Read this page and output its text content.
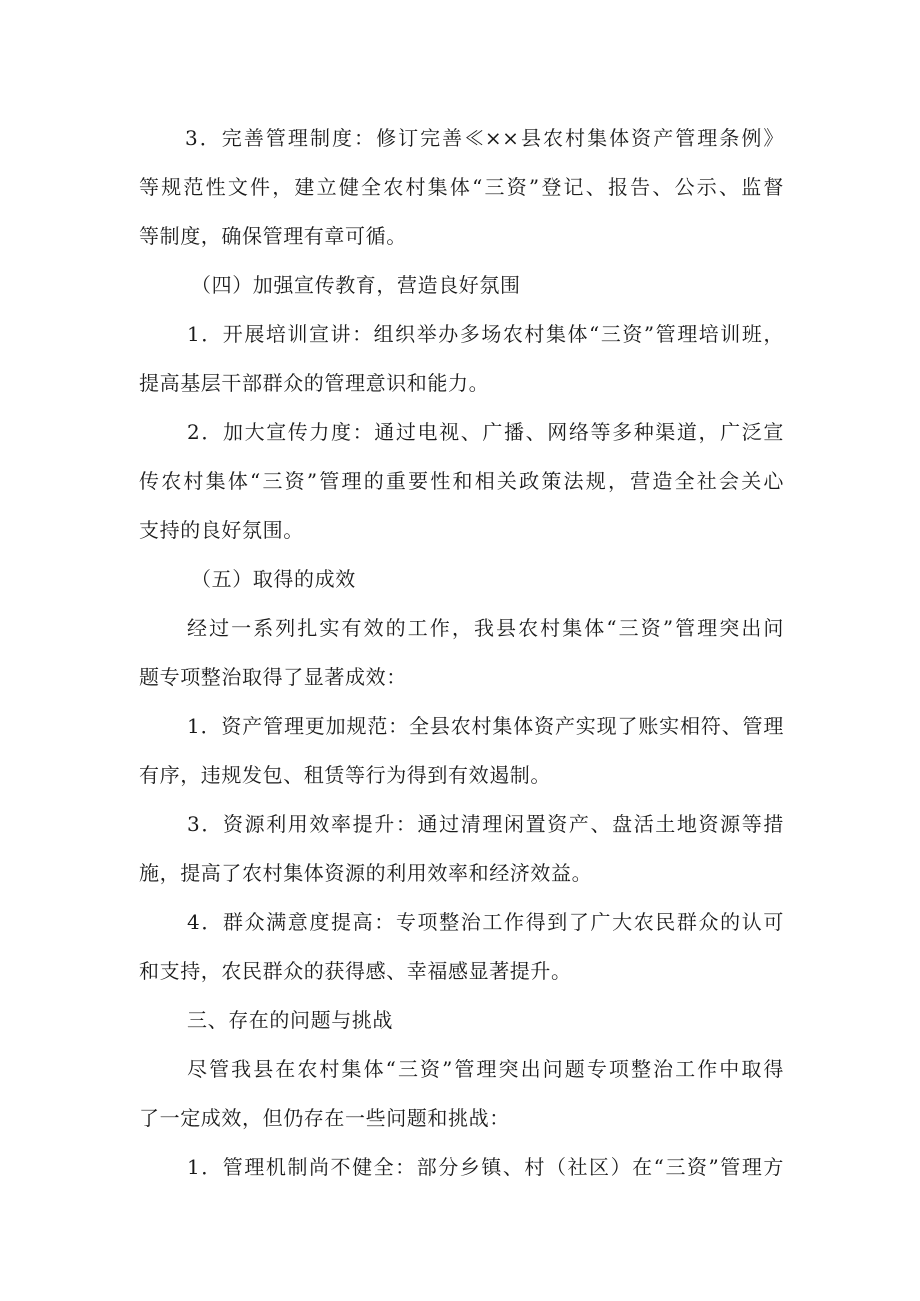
3．完善管理制度：修订完善≪××县农村集体资产管理条例》
等规范性文件，建立健全农村集体“三资”登记、报告、公示、监督
等制度，确保管理有章可循。
（四）加强宣传教育，营造良好氛围
1．开展培训宣讲：组织举办多场农村集体“三资”管理培训班，
提高基层干部群众的管理意识和能力。
2．加大宣传力度：通过电视、广播、网络等多种渠道，广泛宣
传农村集体“三资”管理的重要性和相关政策法规，营造全社会关心
支持的良好氛围。
（五）取得的成效
经过一系列扎实有效的工作，我县农村集体“三资”管理突出问
题专项整治取得了显著成效：
1．资产管理更加规范：全县农村集体资产实现了账实相符、管理
有序，违规发包、租赁等行为得到有效遏制。
3．资源利用效率提升：通过清理闲置资产、盘活土地资源等措
施，提高了农村集体资源的利用效率和经济效益。
4．群众满意度提高：专项整治工作得到了广大农民群众的认可
和支持，农民群众的获得感、幸福感显著提升。
三、存在的问题与挑战
尽管我县在农村集体“三资”管理突出问题专项整治工作中取得
了一定成效，但仍存在一些问题和挑战：
1．管理机制尚不健全：部分乡镇、村（社区）在“三资”管理方
